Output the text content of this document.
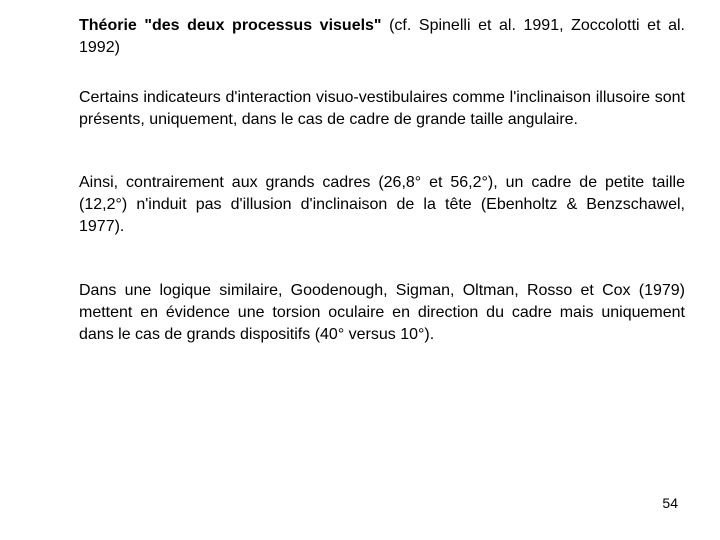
Théorie "des deux processus visuels" (cf. Spinelli et al. 1991, Zoccolotti et al. 1992)

Certains indicateurs d'interaction visuo-vestibulaires comme l'inclinaison illusoire sont présents, uniquement, dans le cas de cadre de grande taille angulaire.

Ainsi, contrairement aux grands cadres (26,8° et 56,2°), un cadre de petite taille (12,2°) n'induit pas d'illusion d'inclinaison de la tête (Ebenholtz & Benzschawel, 1977).

Dans une logique similaire, Goodenough, Sigman, Oltman, Rosso et Cox (1979) mettent en évidence une torsion oculaire en direction du cadre mais uniquement dans le cas de grands dispositifs (40° versus 10°).

54
